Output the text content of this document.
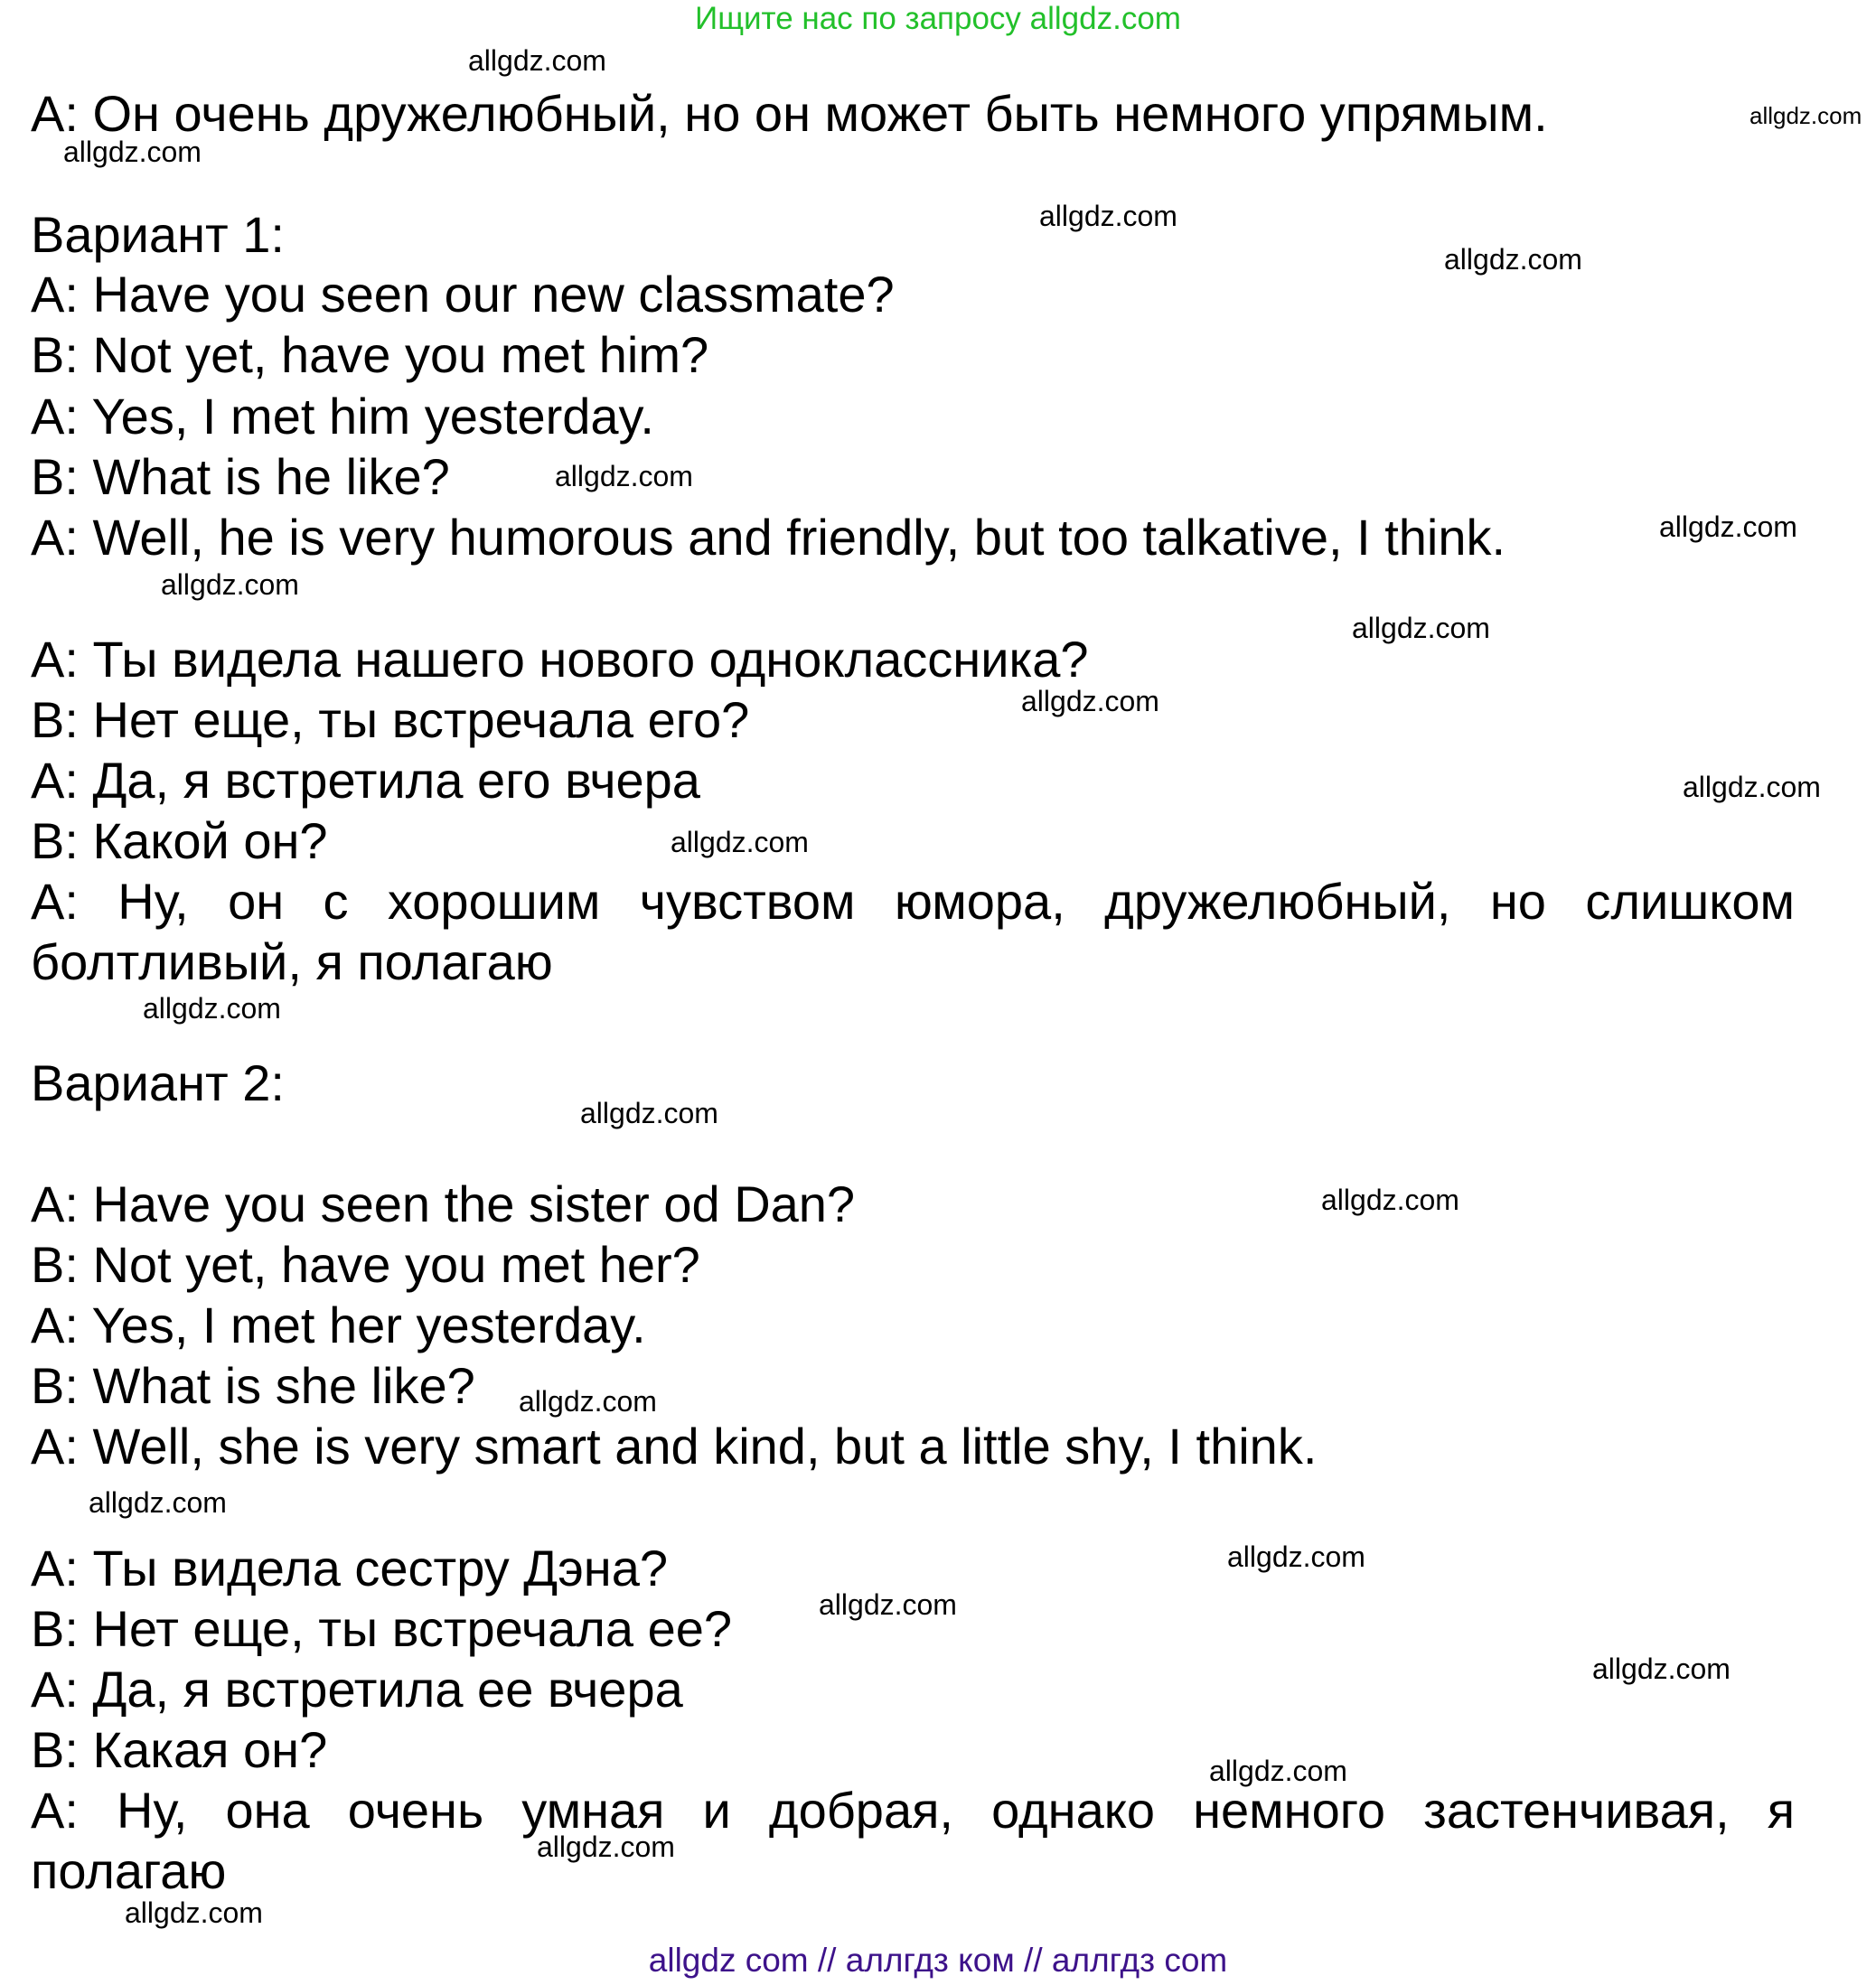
Ищите нас по запросу allgdz.com
А: Он очень дружелюбный, но он может быть немного упрямым.
Вариант 1:
A: Have you seen our new classmate?
B: Not yet, have you met him?
A: Yes, I met him yesterday.
B: What is he like?
A: Well, he is very humorous and friendly, but too talkative, I think.
А: Ты видела нашего нового одноклассника?
В: Нет еще, ты встречала его?
А: Да, я встретила его вчера
В: Какой он?
А: Ну, он с хорошим чувством юмора, дружелюбный, но слишком
болтливый, я полагаю
Вариант 2:
A: Have you seen the sister od Dan?
B: Not yet, have you met her?
A: Yes, I met her yesterday.
B: What is she like?
A: Well, she is very smart and kind, but a little shy, I think.
А: Ты видела сестру Дэна?
В: Нет еще, ты встречала ее?
А: Да, я встретила ее вчера
В: Какая он?
А: Ну, она очень умная и добрая, однако немного застенчивая, я
полагаю
allgdz.com
allgdz.com
allgdz.com
allgdz.com
allgdz.com
allgdz.com
allgdz.com
allgdz.com
allgdz.com
allgdz.com
allgdz.com
allgdz.com
allgdz.com
allgdz.com
allgdz.com
allgdz.com
allgdz.com
allgdz.com
allgdz.com
allgdz.com
allgdz.com
allgdz.com
allgdz.com
allgdz com // аллгдз ком // аллгдз com
